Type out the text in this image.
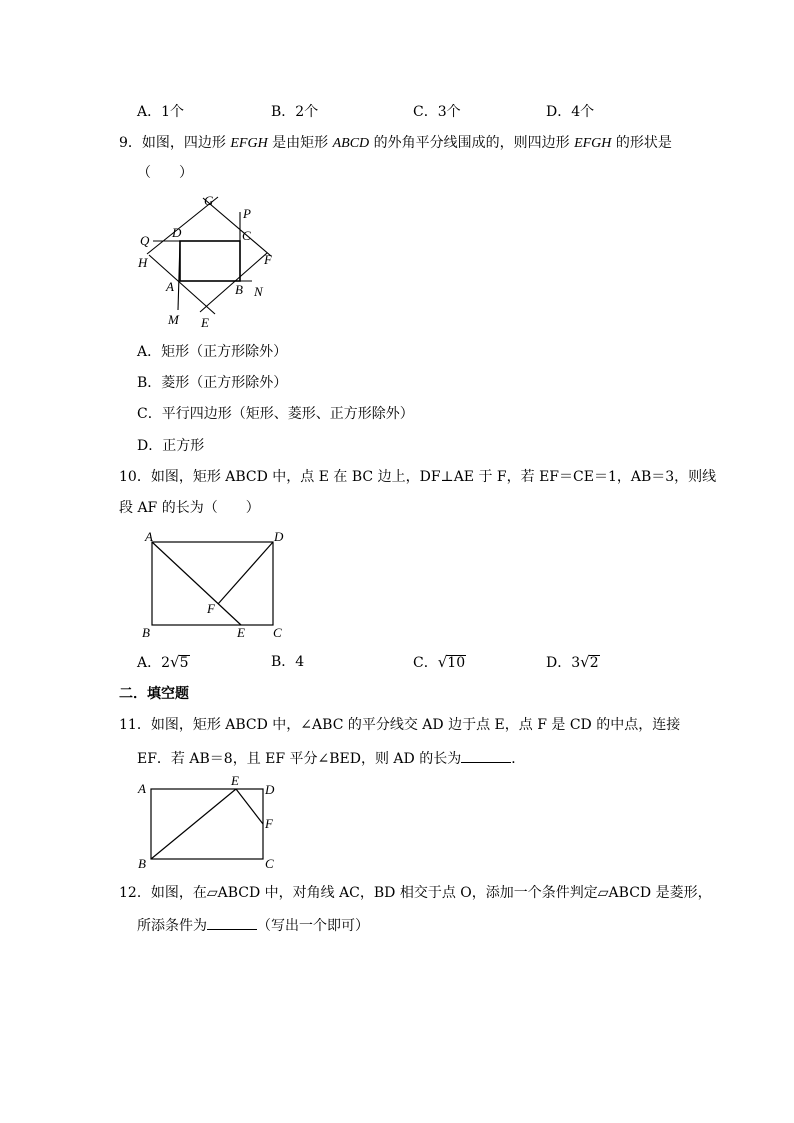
A．1个	B．2个	C．3个	D．4个
9．如图，四边形 EFGH 是由矩形 ABCD 的外角平分线围成的，则四边形 EFGH 的形状是
（　　）
G
P
Q
D	C
F
H
A	B N
M E
A．矩形（正方形除外）
B．菱形（正方形除外）
C．平行四边形（矩形、菱形、正方形除外）
D．正方形
10．如图，矩形 ABCD 中，点 E 在 BC 边上，DF⊥AE 于 F，若 EF＝CE＝1，AB＝3，则线
段 AF 的长为（　　）
A	D
F
B	E C
A．2√5	B．4	C．√10	D．3√2
二．填空题
11．如图，矩形 ABCD 中，∠ABC 的平分线交 AD 边于点 E，点 F 是 CD 的中点，连接
EF．若 AB＝8，且 EF 平分∠BED，则 AD 的长为	．
A
E
D
F
B	C
12．如图，在▱ABCD 中，对角线 AC，BD 相交于点 O，添加一个条件判定▱ABCD 是菱形，
所添条件为	（写出一个即可）
